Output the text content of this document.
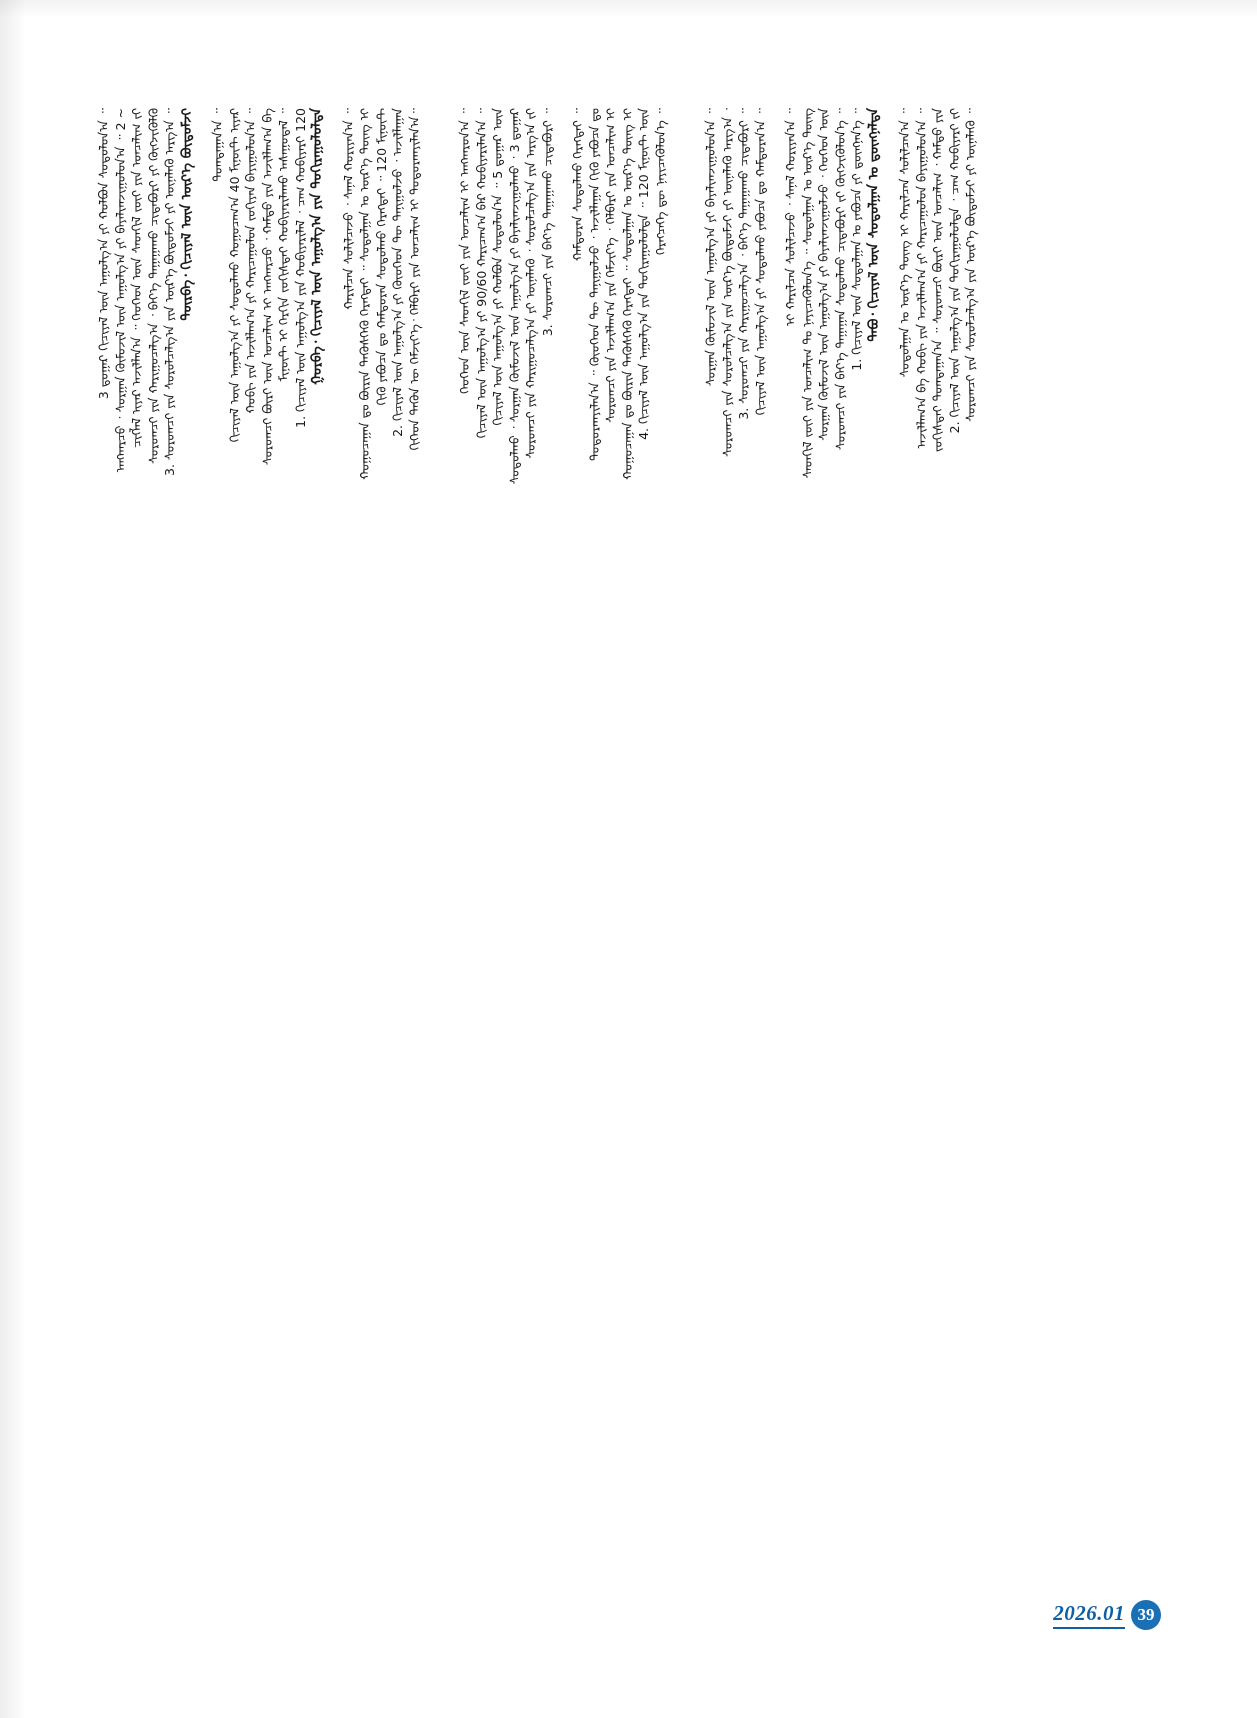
ᠬᠢᠭᠡᠳ ᠲᠡᠭᠦᠨ ᠦ ᠬᠡᠮᠵᠢᠶ᠎ᠡ᠂ ᠬᠡᠯᠪᠡᠷᠢ ᠶᠢᠨ ᠤᠨᠴᠠᠯᠢᠭ ᠢ ᠲᠣᠳᠣᠷᠬᠠᠶᠢᠯᠠᠨ᠎ᠠ᠃
2. ᠬᠢᠴᠢᠶᠡᠯ ᠦᠨ ᠠᠭᠤᠯᠭ᠎ᠠ ᠶᠢ ᠬᠦᠦᠬᠡᠳ ᠲᠦ ᠲᠠᠨᠢᠭᠤᠯᠵᠤ ᠂ ᠠᠵᠢᠯᠯᠠᠭᠠᠨ
ᠬᠢᠬᠦ ᠶᠠᠪᠤᠴᠠ ᠳᠤ ᠬᠠᠮᠲᠤᠷᠠᠨ ᠰᠤᠳᠤᠯᠬᠤ ᠬᠡᠷᠡᠭᠲᠡᠢ ᠃ 120 ᠮᠢᠨᠦ᠋ᠲ
ᠬᠤᠭᠤᠴᠠᠭᠠᠨ ᠳᠤ ᠪᠦᠷᠢᠨ ᠲᠡᠭᠦᠰᠬᠡᠬᠦ ᠬᠡᠷᠡᠭᠲᠡᠢ ᠃ ᠰᠤᠳᠤᠯᠭᠠᠨ ᠤ ᠦᠷ᠎ᠡ ᠳᠦᠩ ᠢ
ᠬᠠᠷᠢᠯᠴᠠᠨ ᠰᠣᠯᠢᠯᠴᠠᠵᠤ ᠂ ᠰᠠᠨᠠᠯ ᠬᠤᠷᠢᠶᠠᠨ᠎ᠠ ᠃
ᠭᠤᠷᠪᠠ᠂ ᠬᠢᠴᠢᠶᠡᠯ ᠦᠨ ᠠᠭᠤᠯᠭ᠎ᠠ ᠶᠢᠨ ᠲᠣᠬᠢᠷᠠᠭᠤᠯᠤᠯᠲᠠ
1. ᠬᠢᠴᠢᠶᠡᠯ ᠦᠨ ᠠᠭᠤᠯᠭ᠎ᠠ ᠶᠢᠨ ᠬᠤᠪᠢᠶᠠᠷᠢᠯᠠᠯ ᠂ ᠴᠠᠭ ᠬᠤᠪᠢᠶᠠᠷᠢ 120
ᠮᠢᠨᠦ᠋ᠲ ᠢ ᠬᠡᠷᠬᠢᠨ ᠵᠣᠬᠢᠰᠲᠠᠢ ᠬᠤᠪᠢᠶᠠᠷᠢᠯᠠᠬᠤ ᠠᠰᠠᠭᠤᠳᠠᠯ ᠃
ᠰᠤᠷᠤᠭᠴᠢ ᠪᠦᠷᠢ ᠦᠨ ᠣᠨᠴᠠᠯᠢᠭ ᠢ ᠠᠩᠬᠠᠷᠴᠤ ᠂ ᠬᠠᠮᠲᠤ ᠶᠢᠨ ᠠᠵᠢᠯᠯᠠᠭ᠎ᠠ ᠪᠠ
ᠬᠤᠪᠢ ᠶᠢᠨ ᠠᠵᠢᠯᠯᠠᠭ᠎ᠠ ᠶᠢ ᠬᠠᠷᠢᠴᠠᠭᠤᠯᠤᠨ ᠵᠣᠬᠢᠶᠠᠨ ᠪᠠᠶᠢᠭᠤᠯᠤᠨ᠎ᠠ ᠃
ᠬᠢᠴᠢᠶᠡᠯ ᠦᠨ ᠠᠭᠤᠯᠭ᠎ᠠ ᠶᠢ ᠰᠤᠳᠤᠯᠬᠤ ᠬᠤᠭᠤᠴᠠᠭ᠎ᠠ 40 ᠮᠢᠨᠦ᠋ᠲ ᠢᠶᠠᠷ
ᠲᠣᠭᠲᠠᠭᠠᠨ᠎ᠠ ᠃
ᠳᠦᠷᠪᠡ᠂ ᠬᠢᠴᠢᠶᠡᠯ ᠦᠨ ᠦᠷ᠎ᠡ ᠪᠦᠲᠦᠮᠵᠢ
3. ᠰᠤᠷᠤᠭᠴᠢ ᠶᠢᠨ ᠰᠤᠷᠤᠯᠴᠠᠯᠭ᠎ᠠ ᠶᠢᠨ ᠦᠷ᠎ᠡ ᠪᠦᠲᠦᠮᠵᠢ ᠶᠢ ᠦᠨᠡᠯᠡᠬᠦ ᠠᠷᠭ᠎ᠠ ᠃
ᠰᠤᠷᠤᠭᠴᠢ ᠶᠢᠨ ᠬᠠᠷᠢᠭᠤᠴᠠᠯᠭ᠎ᠠ ᠂ ᠪᠡᠶ᠎ᠡ ᠳᠠᠭᠠᠭᠠᠬᠤ ᠴᠢᠳᠠᠪᠤᠷᠢ ᠶᠢ ᠬᠦᠭᠵᠢᠭᠦᠯᠬᠦ
ᠴᠢᠭᠯᠡᠯ ᠢᠶᠡᠷ ᠠᠵᠢᠯᠯᠠᠨ᠎ᠠ ᠃ ᠬᠡᠦᠬᠡᠳ ᠦᠨ ᠰᠡᠳᠬᠢᠯ ᠵᠦᠢ ᠶᠢᠨ ᠤᠨᠴᠠᠯᠢᠭ ᠵᠢ
ᠠᠩᠬᠠᠷᠴᠤ ᠂ ᠰᠤᠷᠭᠠᠨ ᠬᠦᠮᠦᠵᠢᠯ ᠦᠨ ᠠᠭᠤᠯᠭ᠎ᠠ ᠶᠢ ᠪᠠᠶᠠᠯᠢᠭᠵᠢᠭᠤᠯᠤᠨ᠎ᠠ ᠃ 2 ~
3 ᠳ᠋ᠤᠭᠠᠷ ᠬᠢᠴᠢᠶᠡᠯ ᠦᠨ ᠠᠭᠤᠯᠭ᠎ᠠ ᠶᠢ ᠬᠤᠯᠪᠤᠨ ᠰᠤᠳᠤᠯᠤᠨ᠎ᠠ ᠃	ᠬᠡᠷᠡᠭᠴᠡᠭᠡ ᠳᠦ ᠨᠡᠶᠢᠴᠡᠭᠦᠯᠦᠨ᠎ᠡ ᠃
4. ᠬᠢᠴᠢᠶᠡᠯ ᠦᠨ ᠠᠭᠤᠯᠭ᠎ᠠ ᠶᠢᠨ ᠲᠣᠬᠢᠷᠠᠭᠤᠯᠤᠯᠲᠠ ᠃ 120 ᠮᠢᠨᠦ᠋ᠲ ᠦᠨ
ᠬᠤᠭᠤᠴᠠᠭᠠᠨ ᠳᠤ ᠪᠦᠷᠢᠨ ᠲᠡᠭᠦᠰᠬᠡᠬᠦ ᠬᠡᠷᠡᠭᠲᠡᠢ ᠃ ᠰᠤᠳᠤᠯᠭᠠᠨ ᠤ ᠦᠷ᠎ᠡ ᠳᠦᠩ ᠢ
ᠰᠤᠷᠤᠭᠴᠢ ᠶᠢᠨ ᠠᠵᠢᠯᠯᠠᠭ᠎ᠠ ᠶᠢᠨ ᠬᠡᠮᠵᠢᠶ᠎ᠡ ᠂ ᠬᠡᠯᠪᠡᠷᠢ ᠶᠢᠨ ᠤᠨᠴᠠᠯᠢᠭ ᠢ
ᠲᠣᠳᠣᠷᠬᠠᠶᠢᠯᠠᠨ᠎ᠠ ᠃ ᠬᠦᠦᠬᠡᠳ ᠲᠦ ᠲᠠᠨᠢᠭᠤᠯᠵᠤ ᠂ ᠠᠵᠢᠯᠯᠠᠭᠠᠨ ᠬᠢᠬᠦ ᠶᠠᠪᠤᠴᠠ ᠳᠤ
ᠬᠠᠮᠲᠤᠷᠠᠨ ᠰᠤᠳᠤᠯᠬᠤ ᠬᠡᠷᠡᠭᠲᠡᠢ ᠃
3. ᠰᠤᠷᠤᠭᠴᠢ ᠶᠢᠨ ᠪᠡᠶ᠎ᠡ ᠳᠠᠭᠠᠭᠠᠬᠤ ᠴᠢᠳᠠᠪᠤᠷᠢ ᠃
ᠰᠤᠷᠤᠭᠴᠢ ᠶᠢᠨ ᠬᠠᠷᠢᠭᠤᠴᠠᠯᠭ᠎ᠠ ᠶᠢ ᠦᠨᠡᠯᠡᠬᠦ ᠂ ᠰᠤᠷᠤᠯᠴᠠᠯᠭ᠎ᠠ ᠶᠢᠨ ᠠᠷᠭ᠎ᠠ ᠵᠢ
ᠰᠤᠳᠤᠯᠬᠤ ᠂ ᠰᠤᠷᠭᠠᠨ ᠬᠦᠮᠦᠵᠢᠯ ᠦᠨ ᠠᠭᠤᠯᠭ᠎ᠠ ᠶᠢ ᠪᠠᠶᠠᠯᠢᠭᠵᠢᠭᠤᠯᠬᠤ ᠂ 3 ᠳ᠋ᠤᠭᠠᠷ
ᠬᠢᠴᠢᠶᠡᠯ ᠦᠨ ᠠᠭᠤᠯᠭ᠎ᠠ ᠶᠢ ᠬᠤᠯᠪᠤᠨ ᠰᠤᠳᠤᠯᠤᠨ᠎ᠠ ᠃ 5 ᠳ᠋ᠤᠭᠠᠷ ᠦᠨ
ᠬᠢᠴᠢᠶᠡᠯ ᠦᠨ ᠠᠭᠤᠯᠭ᠎ᠠ ᠶᠢ 90/60 ᠬᠠᠷᠢᠴᠠᠭ᠎ᠠ ᠪᠠᠷ ᠬᠤᠪᠢᠶᠠᠷᠢᠯᠠᠨ᠎ᠠ ᠃
ᠬᠡᠦᠬᠡᠳ ᠦᠨ ᠰᠡᠳᠬᠢᠯ ᠵᠦᠢ ᠶᠢᠨ ᠤᠨᠴᠠᠯᠢᠭ ᠢ ᠠᠩᠬᠠᠷᠤᠨ᠎ᠠ ᠃	ᠰᠤᠷᠤᠭᠴᠢ ᠶᠢᠨ ᠰᠤᠷᠤᠯᠴᠠᠯᠭ᠎ᠠ ᠶᠢᠨ ᠦᠷ᠎ᠡ ᠪᠦᠲᠦᠮᠵᠢ ᠶᠢ ᠦᠨᠡᠯᠡᠬᠦ ᠃
2. ᠬᠢᠴᠢᠶᠡᠯ ᠦᠨ ᠠᠭᠤᠯᠭ᠎ᠠ ᠶᠢᠨ ᠲᠣᠬᠢᠷᠠᠭᠤᠯᠤᠯᠲᠠ ᠂ ᠴᠠᠭ ᠬᠤᠪᠢᠶᠠᠷᠢ ᠵᠢ
ᠵᠣᠬᠢᠰᠲᠠᠢ ᠲᠣᠭᠲᠠᠭᠠᠨ᠎ᠠ ᠃ ᠰᠤᠷᠤᠭᠴᠢ ᠪᠦᠷᠢ ᠦᠨ ᠣᠨᠴᠠᠯᠢᠭ ᠂ ᠬᠠᠮᠲᠤ ᠶᠢᠨ
ᠠᠵᠢᠯᠯᠠᠭ᠎ᠠ ᠪᠠ ᠬᠤᠪᠢ ᠶᠢᠨ ᠠᠵᠢᠯᠯᠠᠭ᠎ᠠ ᠶᠢ ᠬᠠᠷᠢᠴᠠᠭᠤᠯᠤᠨ ᠪᠠᠶᠢᠭᠤᠯᠤᠨ᠎ᠠ ᠃
ᠰᠤᠳᠤᠯᠭᠠᠨ ᠤ ᠦᠷ᠎ᠡ ᠳᠦᠩ ᠢ ᠬᠠᠷᠢᠯᠴᠠᠨ ᠰᠣᠯᠢᠯᠴᠠᠨ᠎ᠠ ᠃
ᠲᠠᠪᠤ᠂ ᠬᠢᠴᠢᠶᠡᠯ ᠦᠨ ᠰᠤᠳᠤᠯᠭᠠᠨ ᠤ ᠳ᠋ᠦᠩᠨᠡᠯᠲᠡ
1. ᠬᠢᠴᠢᠶᠡᠯ ᠦᠨ ᠰᠤᠳᠤᠯᠭᠠᠨ ᠤ ᠶᠠᠪᠤᠴᠠ ᠶᠢ ᠳ᠋ᠦᠩᠨᠡᠨ᠎ᠡ ᠃
ᠰᠤᠷᠤᠭᠴᠢ ᠶᠢᠨ ᠪᠡᠶ᠎ᠡ ᠳᠠᠭᠠᠭᠠᠨ ᠰᠤᠳᠤᠯᠬᠤ ᠴᠢᠳᠠᠪᠤᠷᠢ ᠵᠢ ᠬᠦᠭᠵᠢᠭᠦᠯᠦᠨ᠎ᠡ ᠃
ᠰᠤᠷᠭᠠᠨ ᠬᠦᠮᠦᠵᠢᠯ ᠦᠨ ᠠᠭᠤᠯᠭ᠎ᠠ ᠶᠢ ᠪᠠᠶᠠᠯᠢᠭᠵᠢᠭᠤᠯᠵᠤ ᠂ ᠬᠡᠦᠬᠡᠳ ᠦᠨ
ᠰᠡᠳᠬᠢᠯ ᠵᠦᠢ ᠶᠢᠨ ᠤᠨᠴᠠᠯᠢᠭ ᠲᠤ ᠨᠡᠶᠢᠴᠡᠭᠦᠯᠦᠨ᠎ᠡ ᠃ ᠰᠤᠳᠤᠯᠭᠠᠨ ᠤ ᠦᠷ᠎ᠡ ᠳᠦᠩ
ᠢ ᠬᠠᠷᠢᠯᠴᠠᠨ ᠰᠣᠯᠢᠯᠴᠠᠵᠤ ᠂ ᠰᠠᠨᠠᠯ ᠬᠤᠷᠢᠶᠠᠨ᠎ᠠ ᠃
ᠬᠢᠴᠢᠶᠡᠯ ᠦᠨ ᠠᠭᠤᠯᠭ᠎ᠠ ᠶᠢ ᠰᠤᠳᠤᠯᠬᠤ ᠶᠠᠪᠤᠴᠠ ᠳᠤ ᠬᠠᠮᠲᠤᠷᠠᠨ᠎ᠠ ᠃
3. ᠰᠤᠷᠤᠭᠴᠢ ᠶᠢᠨ ᠬᠠᠷᠢᠭᠤᠴᠠᠯᠭ᠎ᠠ ᠂ ᠪᠡᠶ᠎ᠡ ᠳᠠᠭᠠᠭᠠᠬᠤ ᠴᠢᠳᠠᠪᠤᠷᠢ ᠃
ᠰᠤᠷᠤᠭᠴᠢ ᠶᠢᠨ ᠰᠤᠷᠤᠯᠴᠠᠯᠭ᠎ᠠ ᠶᠢᠨ ᠦᠷ᠎ᠡ ᠪᠦᠲᠦᠮᠵᠢ ᠶᠢ ᠦᠨᠡᠯᠡᠬᠦ ᠠᠷᠭ᠎ᠠ ᠂
ᠰᠤᠷᠭᠠᠨ ᠬᠦᠮᠦᠵᠢᠯ ᠦᠨ ᠠᠭᠤᠯᠭ᠎ᠠ ᠶᠢ ᠪᠠᠶᠠᠯᠢᠭᠵᠢᠭᠤᠯᠤᠨ᠎ᠠ ᠃
2026.01 39
